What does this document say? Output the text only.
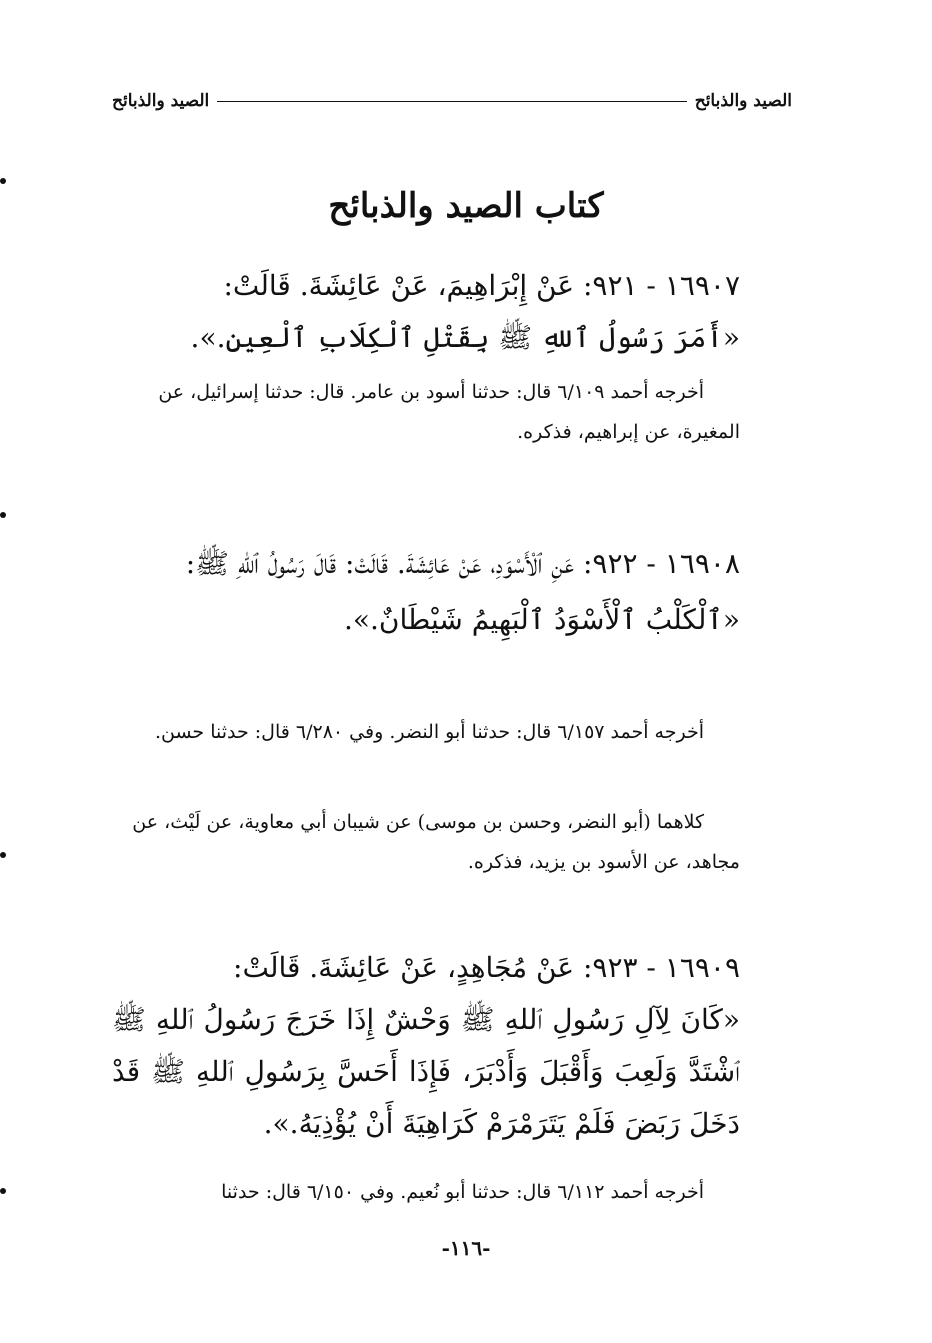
الصيد والذبائح
الصيد والذبائح
كتاب الصيد والذبائح
١٦٩٠٧ - ٩٢١: عَنْ إِبْرَاهِيمَ، عَنْ عَائِشَةَ. قَالَتْ:
«أَمَرَ رَسُولُ ٱللهِ ﷺ بِقَتْلِ ٱلْكِلَابِ ٱلْعِينِ.».
أخرجه أحمد ٦/١٠٩ قال: حدثنا أسود بن عامر. قال: حدثنا إسرائيل، عن المغيرة، عن إبراهيم، فذكره.
١٦٩٠٨ - ٩٢٢: عَنِ ٱلْأَسْوَدِ، عَنْ عَائِشَةَ. قَالَتْ: قَالَ رَسُولُ ٱللهِ ﷺ:
«ٱلْكَلْبُ ٱلْأَسْوَدُ ٱلْبَهِيمُ شَيْطَانٌ.».
أخرجه أحمد ٦/١٥٧ قال: حدثنا أبو النضر. وفي ٦/٢٨٠ قال: حدثنا حسن.
كلاهما (أبو النضر، وحسن بن موسى) عن شيبان أبي معاوية، عن لَيْث، عن مجاهد، عن الأسود بن يزيد، فذكره.
١٦٩٠٩ - ٩٢٣: عَنْ مُجَاهِدٍ، عَنْ عَائِشَةَ. قَالَتْ:
«كَانَ لِآلِ رَسُولِ ٱللهِ ﷺ وَحْشٌ إِذَا خَرَجَ رَسُولُ ٱللهِ ﷺ ٱشْتَدَّ وَلَعِبَ وَأَقْبَلَ وَأَدْبَرَ، فَإِذَا أَحَسَّ بِرَسُولِ ٱللهِ ﷺ قَدْ دَخَلَ رَبَضَ فَلَمْ يَتَرَمْرَمْ كَرَاهِيَةَ أَنْ يُؤْذِيَهُ.».
أخرجه أحمد ٦/١١٢ قال: حدثنا أبو نُعيم. وفي ٦/١٥٠ قال: حدثنا
-١١٦-
